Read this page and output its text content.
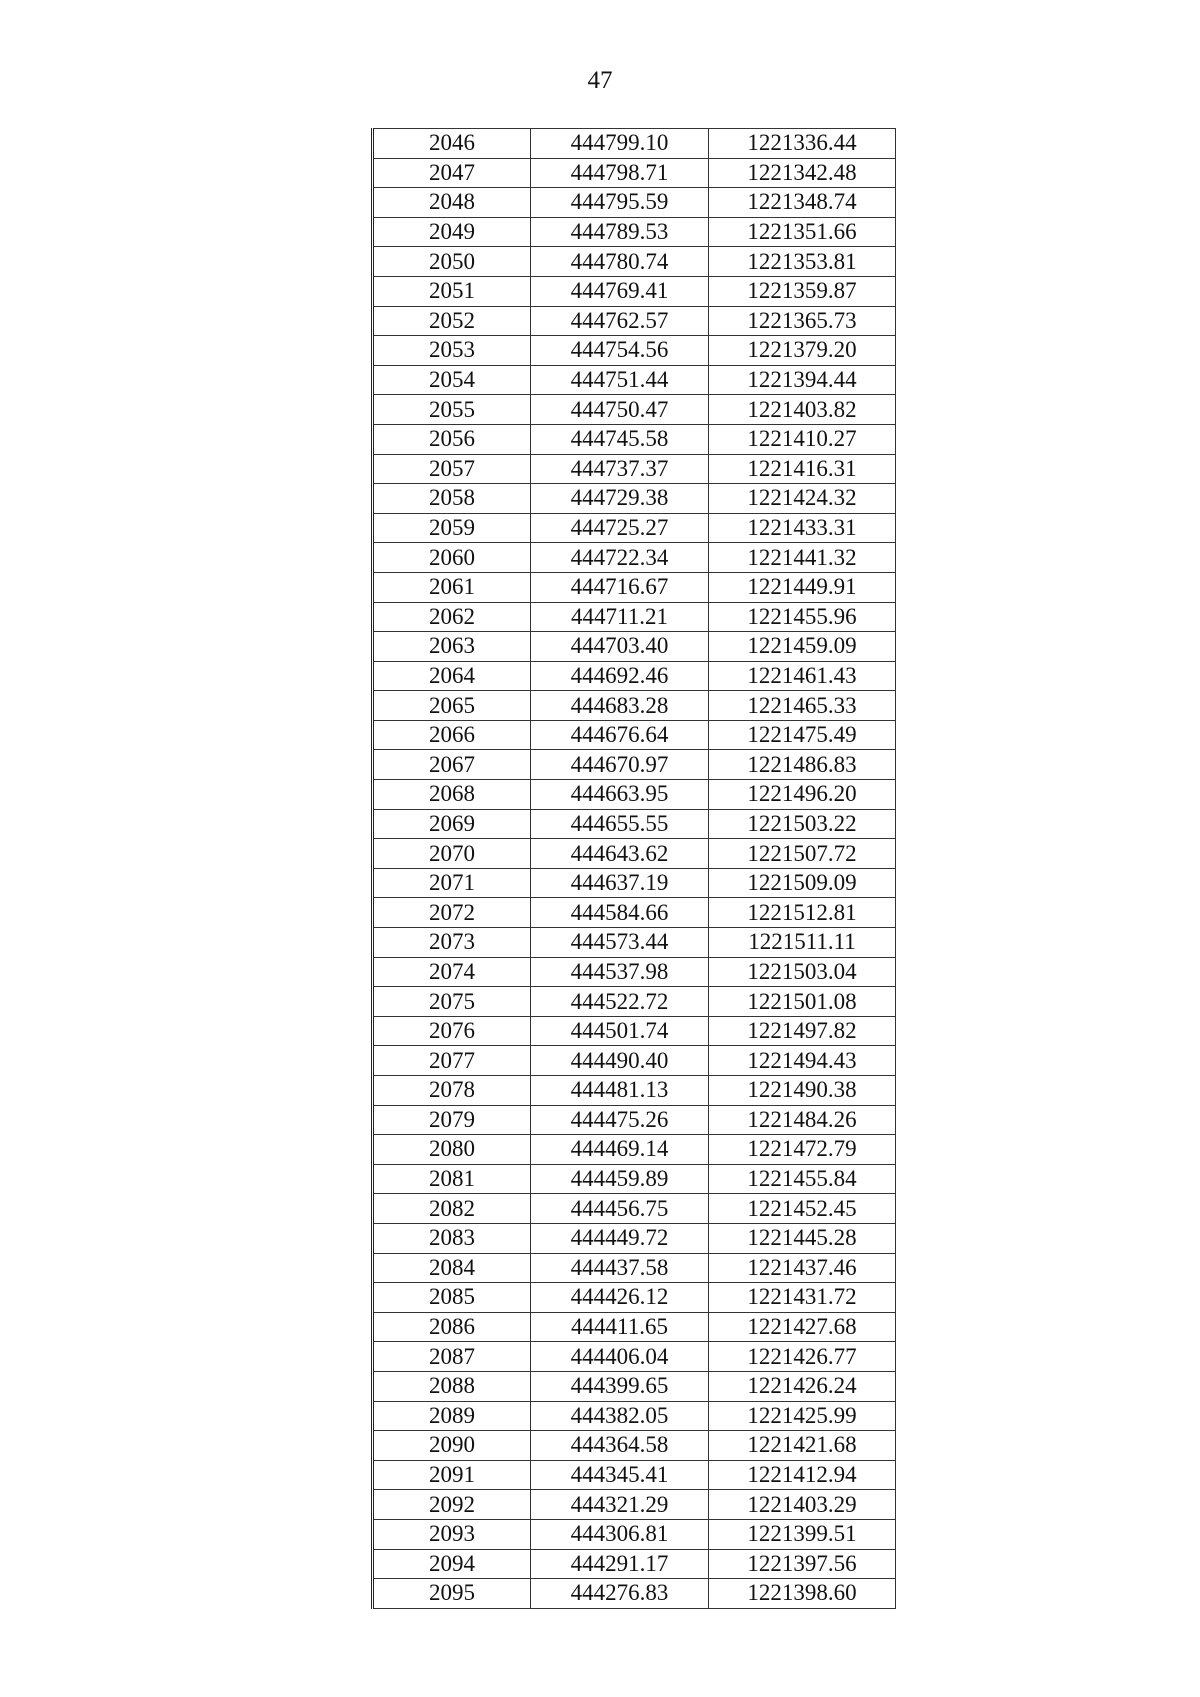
47
2046	444799.10	1221336.44
2047	444798.71	1221342.48
2048	444795.59	1221348.74
2049	444789.53	1221351.66
2050	444780.74	1221353.81
2051	444769.41	1221359.87
2052	444762.57	1221365.73
2053	444754.56	1221379.20
2054	444751.44	1221394.44
2055	444750.47	1221403.82
2056	444745.58	1221410.27
2057	444737.37	1221416.31
2058	444729.38	1221424.32
2059	444725.27	1221433.31
2060	444722.34	1221441.32
2061	444716.67	1221449.91
2062	444711.21	1221455.96
2063	444703.40	1221459.09
2064	444692.46	1221461.43
2065	444683.28	1221465.33
2066	444676.64	1221475.49
2067	444670.97	1221486.83
2068	444663.95	1221496.20
2069	444655.55	1221503.22
2070	444643.62	1221507.72
2071	444637.19	1221509.09
2072	444584.66	1221512.81
2073	444573.44	1221511.11
2074	444537.98	1221503.04
2075	444522.72	1221501.08
2076	444501.74	1221497.82
2077	444490.40	1221494.43
2078	444481.13	1221490.38
2079	444475.26	1221484.26
2080	444469.14	1221472.79
2081	444459.89	1221455.84
2082	444456.75	1221452.45
2083	444449.72	1221445.28
2084	444437.58	1221437.46
2085	444426.12	1221431.72
2086	444411.65	1221427.68
2087	444406.04	1221426.77
2088	444399.65	1221426.24
2089	444382.05	1221425.99
2090	444364.58	1221421.68
2091	444345.41	1221412.94
2092	444321.29	1221403.29
2093	444306.81	1221399.51
2094	444291.17	1221397.56
2095	444276.83	1221398.60
